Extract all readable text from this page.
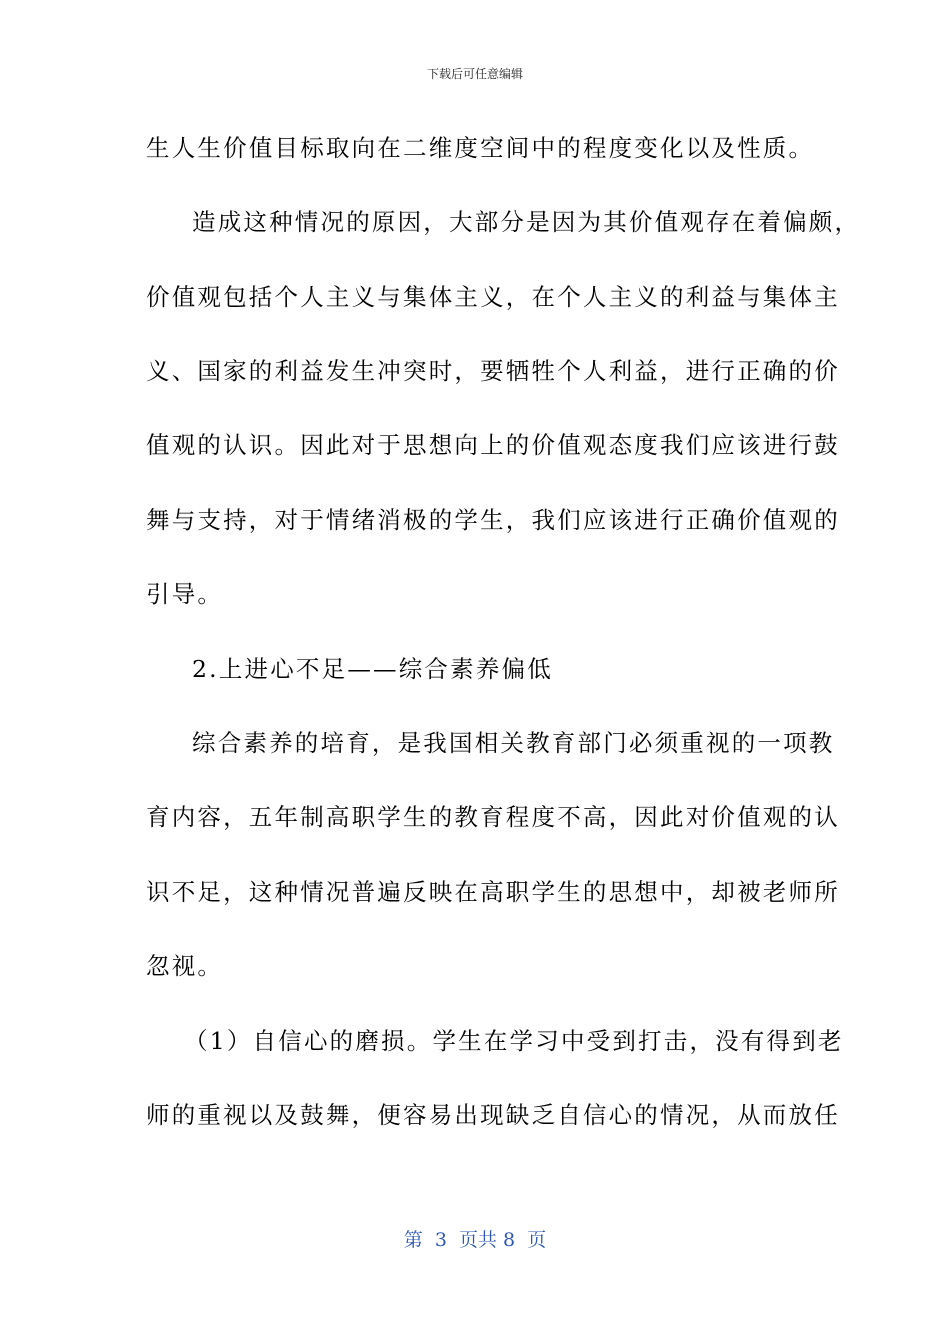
下载后可任意编辑
生人生价值目标取向在二维度空间中的程度变化以及性质。
造成这种情况的原因，大部分是因为其价值观存在着偏颇，
价值观包括个人主义与集体主义，在个人主义的利益与集体主
义、国家的利益发生冲突时，要牺牲个人利益，进行正确的价
值观的认识。因此对于思想向上的价值观态度我们应该进行鼓
舞与支持，对于情绪消极的学生，我们应该进行正确价值观的
引导。
2.上进心不足——综合素养偏低
综合素养的培育，是我国相关教育部门必须重视的一项教
育内容，五年制高职学生的教育程度不高，因此对价值观的认
识不足，这种情况普遍反映在高职学生的思想中，却被老师所
忽视。
（1）自信心的磨损。学生在学习中受到打击，没有得到老
师的重视以及鼓舞，便容易出现缺乏自信心的情况，从而放任
第  3  页共 8  页
